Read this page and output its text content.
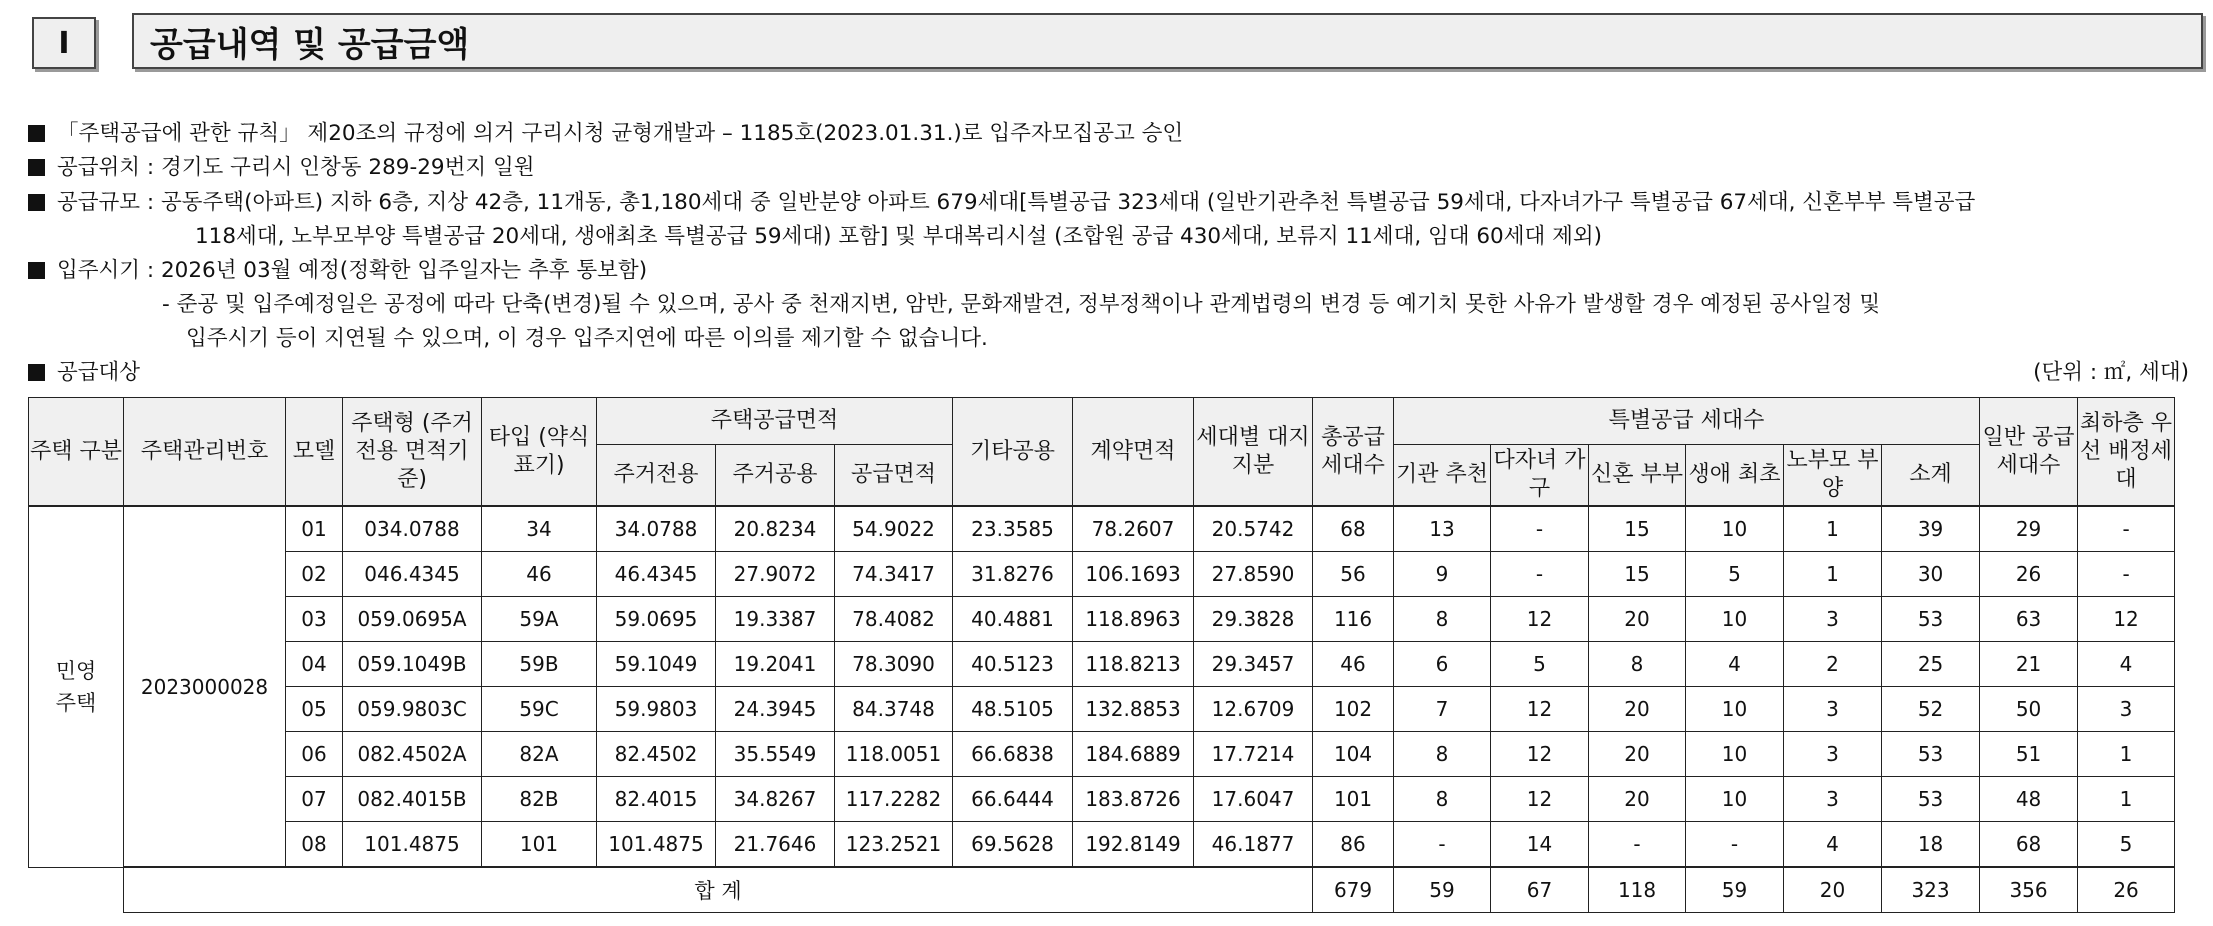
I	공급내역 및 공급금액
「주택공급에 관한 규칙」 제20조의 규정에 의거 구리시청 균형개발과 – 1185호(2023.01.31.)로 입주자모집공고 승인
공급위치 : 경기도 구리시 인창동 289-29번지 일원
공급규모 : 공동주택(아파트) 지하 6층, 지상 42층, 11개동, 총1,180세대 중 일반분양 아파트 679세대[특별공급 323세대 (일반기관추천 특별공급 59세대, 다자녀가구 특별공급 67세대, 신혼부부 특별공급
118세대, 노부모부양 특별공급 20세대, 생애최초 특별공급 59세대) 포함] 및 부대복리시설 (조합원 공급 430세대, 보류지 11세대, 임대 60세대 제외)
입주시기 : 2026년 03월 예정(정확한 입주일자는 추후 통보함)
- 준공 및 입주예정일은 공정에 따라 단축(변경)될 수 있으며, 공사 중 천재지변, 암반, 문화재발견, 정부정책이나 관계법령의 변경 등 예기치 못한 사유가 발생할 경우 예정된 공사일정 및
입주시기 등이 지연될 수 있으며, 이 경우 입주지연에 따른 이의를 제기할 수 없습니다.
공급대상	(단위 : ㎡, 세대)
주택 구분	주택관리번호	모델	주택형 (주거전용 면적기준)	타입 (약식표기)	주택공급면적			기타공용	계약면적	세대별 대지지분	총공급 세대수	특별공급 세대수						일반 공급 세대수	최하층 우선 배정세대
					주거전용	주거공용	공급면적					기관 추천	다자녀 가구	신혼 부부	생애 최초	노부모 부양	소계		
민영 주택	2023000028	01	034.0788	34	34.0788	20.8234	54.9022	23.3585	78.2607	20.5742	68	13	-	15	10	1	39	29	-
		02	046.4345	46	46.4345	27.9072	74.3417	31.8276	106.1693	27.8590	56	9	-	15	5	1	30	26	-
		03	059.0695A	59A	59.0695	19.3387	78.4082	40.4881	118.8963	29.3828	116	8	12	20	10	3	53	63	12
		04	059.1049B	59B	59.1049	19.2041	78.3090	40.5123	118.8213	29.3457	46	6	5	8	4	2	25	21	4
		05	059.9803C	59C	59.9803	24.3945	84.3748	48.5105	132.8853	12.6709	102	7	12	20	10	3	52	50	3
		06	082.4502A	82A	82.4502	35.5549	118.0051	66.6838	184.6889	17.7214	104	8	12	20	10	3	53	51	1
		07	082.4015B	82B	82.4015	34.8267	117.2282	66.6444	183.8726	17.6047	101	8	12	20	10	3	53	48	1
		08	101.4875	101	101.4875	21.7646	123.2521	69.5628	192.8149	46.1877	86	-	14	-	-	4	18	68	5
	합 계										679	59	67	118	59	20	323	356	26
